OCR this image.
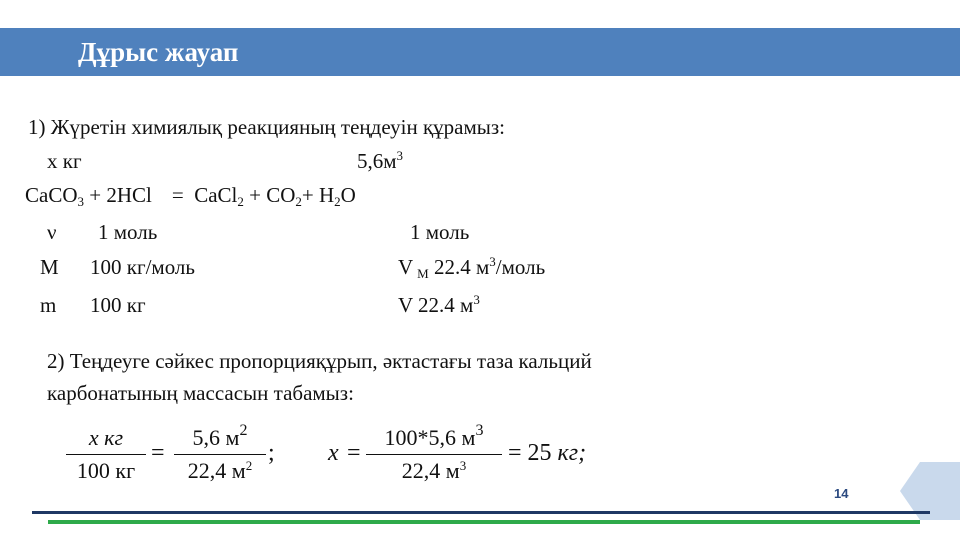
Дұрыс жауап
1) Жүретін химиялық реакцияның теңдеуін құрамыз:
х кг	$5,6м^3$
CaCO$_3$ + 2HCl =  CaCl$_2$ + $CO_2+ H_2O$
ν 1 моль	1 моль
M 100 кг/моль	V $_М$ 22.4 $м^3$/моль
m 100 кг	V 22.4 $м^3$
2) Теңдеуге сәйкес пропорцияқұрып, әктастағы таза кальций
карбонатының массасын табамыз:
х кг
100 кг
=
5,6 $м^2$
22,4 $м^2$ ; x =
100*5,6 $м^3$
22,4 $м^3$	= 25 кг;
14
